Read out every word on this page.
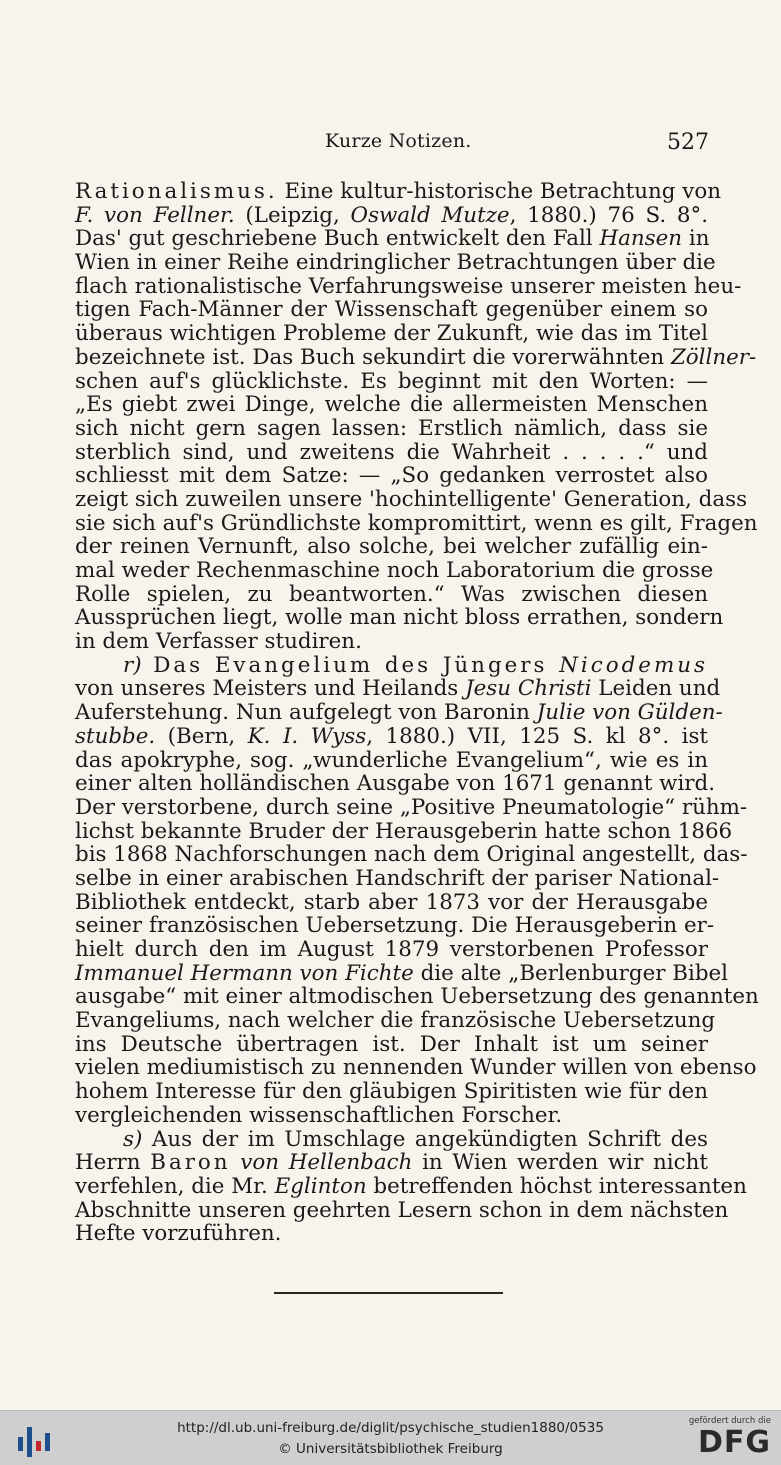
Kurze Notizen.	527
Rationalismus. Eine kultur-historische Betrachtung von
F. von Fellner. (Leipzig, Oswald Mutze, 1880.) 76 S. 8°.
Das' gut geschriebene Buch entwickelt den Fall Hansen in
Wien in einer Reihe eindringlicher Betrachtungen über die
flach rationalistische Verfahrungsweise unserer meisten heu-
tigen Fach-Männer der Wissenschaft gegenüber einem so
überaus wichtigen Probleme der Zukunft, wie das im Titel
bezeichnete ist. Das Buch sekundirt die vorerwähnten Zöllner-
schen auf's glücklichste. Es beginnt mit den Worten: —
„Es giebt zwei Dinge, welche die allermeisten Menschen
sich nicht gern sagen lassen: Erstlich nämlich, dass sie
sterblich sind, und zweitens die Wahrheit . . . . .“ und
schliesst mit dem Satze: — „So gedanken verrostet also
zeigt sich zuweilen unsere 'hochintelligente' Generation, dass
sie sich auf's Gründlichste kompromittirt, wenn es gilt, Fragen
der reinen Vernunft, also solche, bei welcher zufällig ein-
mal weder Rechenmaschine noch Laboratorium die grosse
Rolle spielen, zu beantworten.“ Was zwischen diesen
Aussprüchen liegt, wolle man nicht bloss errathen, sondern
in dem Verfasser studiren.
r) Das Evangelium des Jüngers Nicodemus
von unseres Meisters und Heilands Jesu Christi Leiden und
Auferstehung. Nun aufgelegt von Baronin Julie von Gülden-
stubbe. (Bern, K. I. Wyss, 1880.) VII, 125 S. kl 8°. ist
das apokryphe, sog. „wunderliche Evangelium“, wie es in
einer alten holländischen Ausgabe von 1671 genannt wird.
Der verstorbene, durch seine „Positive Pneumatologie“ rühm-
lichst bekannte Bruder der Herausgeberin hatte schon 1866
bis 1868 Nachforschungen nach dem Original angestellt, das-
selbe in einer arabischen Handschrift der pariser National-
Bibliothek entdeckt, starb aber 1873 vor der Herausgabe
seiner französischen Uebersetzung. Die Herausgeberin er-
hielt durch den im August 1879 verstorbenen Professor
Immanuel Hermann von Fichte die alte „Berlenburger Bibel
ausgabe“ mit einer altmodischen Uebersetzung des genannten
Evangeliums, nach welcher die französische Uebersetzung
ins Deutsche übertragen ist. Der Inhalt ist um seiner
vielen mediumistisch zu nennenden Wunder willen von ebenso
hohem Interesse für den gläubigen Spiritisten wie für den
vergleichenden wissenschaftlichen Forscher.
s) Aus der im Umschlage angekündigten Schrift des
Herrn Baron von Hellenbach in Wien werden wir nicht
verfehlen, die Mr. Eglinton betreffenden höchst interessanten
Abschnitte unseren geehrten Lesern schon in dem nächsten
Hefte vorzuführen.
http://dl.ub.uni-freiburg.de/diglit/psychische_studien1880/0535
© Universitätsbibliothek Freiburg
gefördert durch die
DFG
